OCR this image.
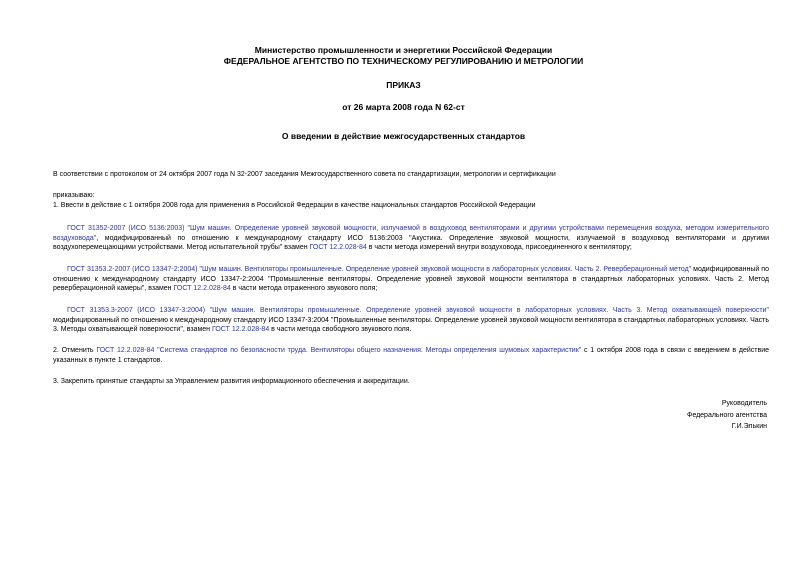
Министерство промышленности и энергетики Российской Федерации
ФЕДЕРАЛЬНОЕ АГЕНТСТВО ПО ТЕХНИЧЕСКОМУ РЕГУЛИРОВАНИЮ И МЕТРОЛОГИИ
ПРИКАЗ
от 26 марта 2008 года N 62-ст
О введении в действие межгосударственных стандартов
В соответствии с протоколом от 24 октября 2007 года N 32-2007 заседания Межгосударственного совета по стандартизации, метрологии и сертификации
приказываю:
1. Ввести в действие с 1 октября 2008 года для применения в Российской Федерации в качестве национальных стандартов Российской Федерации
ГОСТ 31352-2007 (ИСО 5136:2003) "Шум машин. Определение уровней звуковой мощности, излучаемой в воздуховод вентиляторами и другими устройствами перемещения воздуха, методом измерительного воздуховода", модифицированный по отношению к международному стандарту ИСО 5136:2003 "Акустика. Определение звуковой мощности, излучаемой в воздуховод вентиляторами и другими воздухоперемещающими устройствами. Метод испытательной трубы" взамен ГОСТ 12.2.028-84 в части метода измерений внутри воздуховода, присоединенного к вентилятору;
ГОСТ 31353.2-2007 (ИСО 13347-2:2004) "Шум машин. Вентиляторы промышленные. Определение уровней звуковой мощности в лабораторных условиях. Часть 2. Реверберационный метод" модифицированный по отношению к международному стандарту ИСО 13347-2:2004 "Промышленные вентиляторы. Определение уровней звуковой мощности вентилятора в стандартных лабораторных условиях. Часть 2. Метод реверберационной камеры", взамен ГОСТ 12.2.028-84 в части метода отраженного звукового поля;
ГОСТ 31353.3-2007 (ИСО 13347-3:2004) "Шум машин. Вентиляторы промышленные. Определение уровней звуковой мощности в лабораторных условиях. Часть 3. Метод охватывающей поверхности" модифицированный по отношению к международному стандарту ИСО 13347-3:2004 "Промышленные вентиляторы. Определение уровней звуковой мощности вентилятора в стандартных лабораторных условиях. Часть 3. Методы охватывающей поверхности", взамен ГОСТ 12.2.028-84 в части метода свободного звукового поля.
2. Отменить ГОСТ 12.2.028-84 "Система стандартов по безопасности труда. Вентиляторы общего назначения. Методы определения шумовых характеристик" с 1 октября 2008 года в связи с введением в действие указанных в пункте 1 стандартов.
3. Закрепить принятые стандарты за Управлением развития информационного обеспечения и аккредитации.
Руководитель
Федерального агентства
Г.И.Элькин
